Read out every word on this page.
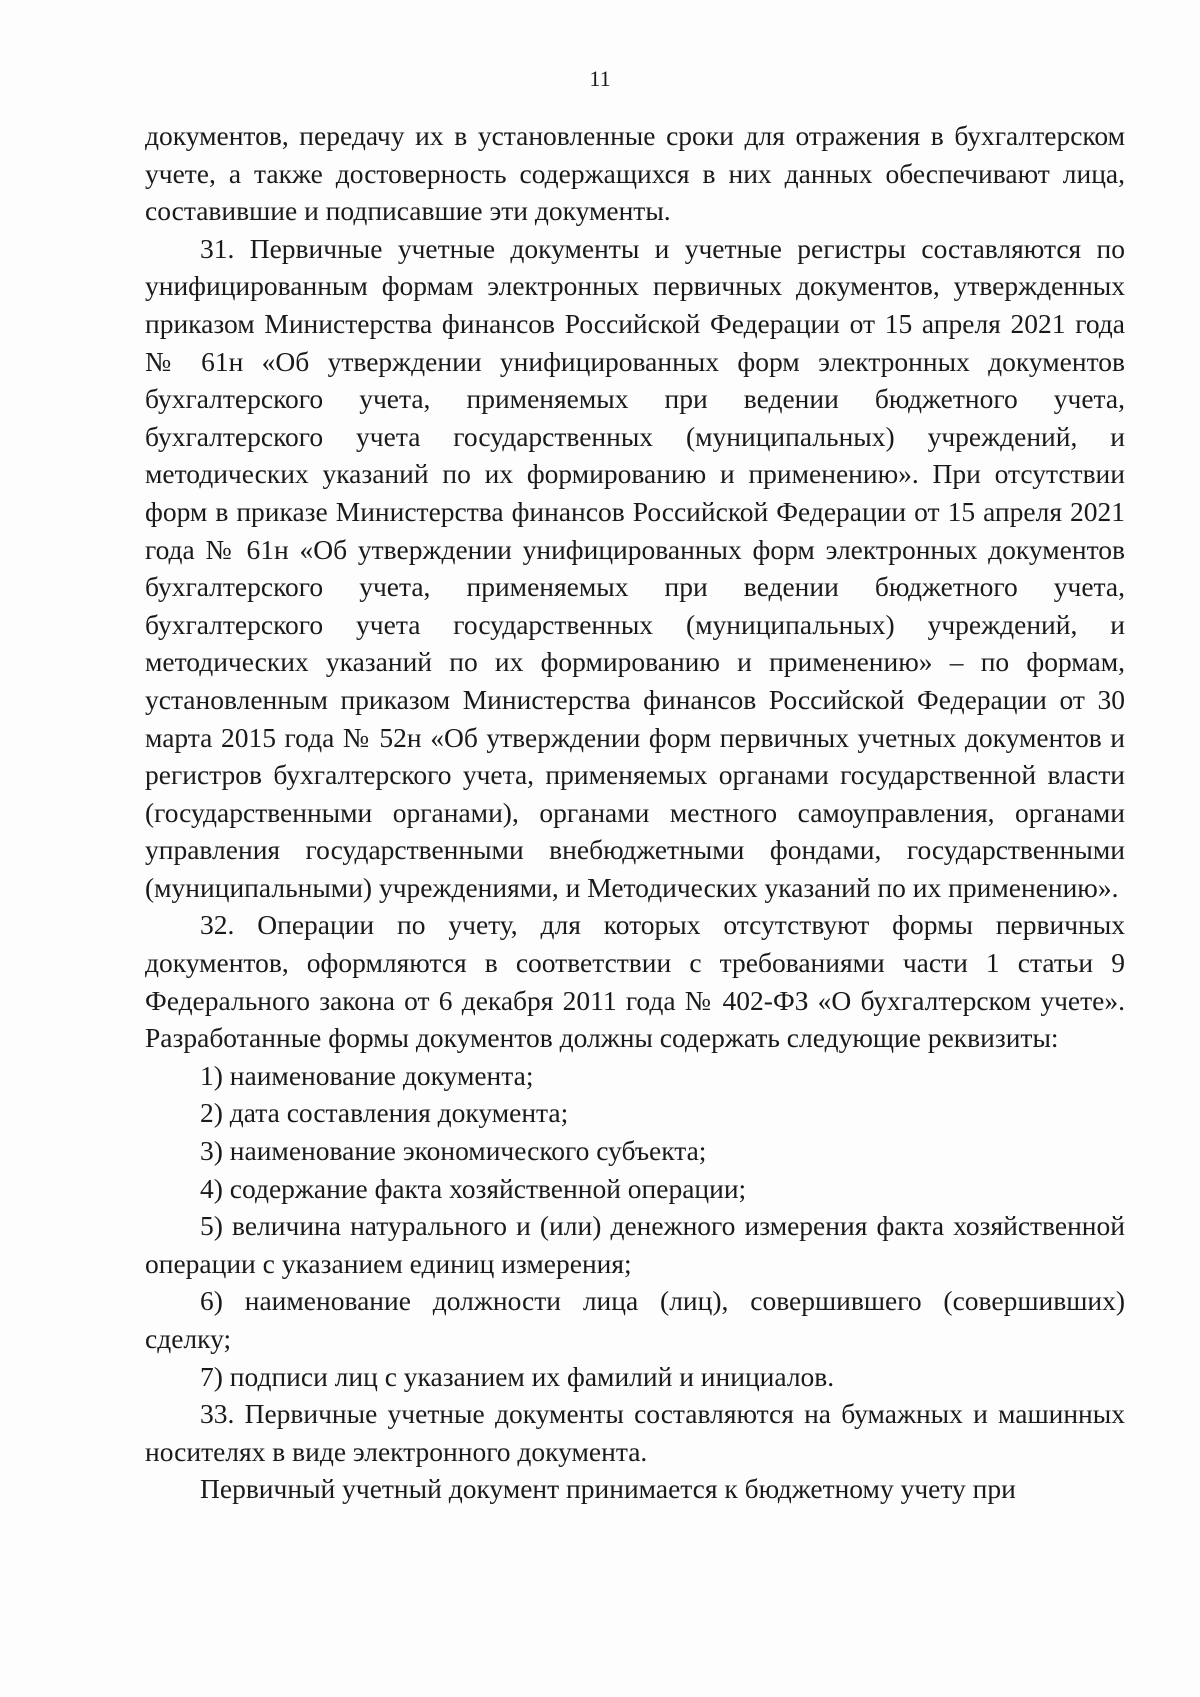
11

документов, передачу их в установленные сроки для отражения в бухгалтерском учете, а также достоверность содержащихся в них данных обеспечивают лица, составившие и подписавшие эти документы.

31. Первичные учетные документы и учетные регистры составляются по унифицированным формам электронных первичных документов, утвержденных приказом Министерства финансов Российской Федерации от 15 апреля 2021 года № 61н «Об утверждении унифицированных форм электронных документов бухгалтерского учета, применяемых при ведении бюджетного учета, бухгалтерского учета государственных (муниципальных) учреждений, и методических указаний по их формированию и применению». При отсутствии форм в приказе Министерства финансов Российской Федерации от 15 апреля 2021 года № 61н «Об утверждении унифицированных форм электронных документов бухгалтерского учета, применяемых при ведении бюджетного учета, бухгалтерского учета государственных (муниципальных) учреждений, и методических указаний по их формированию и применению» – по формам, установленным приказом Министерства финансов Российской Федерации от 30 марта 2015 года № 52н «Об утверждении форм первичных учетных документов и регистров бухгалтерского учета, применяемых органами государственной власти (государственными органами), органами местного самоуправления, органами управления государственными внебюджетными фондами, государственными (муниципальными) учреждениями, и Методических указаний по их применению».

32. Операции по учету, для которых отсутствуют формы первичных документов, оформляются в соответствии с требованиями части 1 статьи 9 Федерального закона от 6 декабря 2011 года № 402-ФЗ «О бухгалтерском учете». Разработанные формы документов должны содержать следующие реквизиты:

1) наименование документа;

2) дата составления документа;

3) наименование экономического субъекта;

4) содержание факта хозяйственной операции;

5) величина натурального и (или) денежного измерения факта хозяйственной операции с указанием единиц измерения;

6) наименование должности лица (лиц), совершившего (совершивших) сделку;

7) подписи лиц с указанием их фамилий и инициалов.

33. Первичные учетные документы составляются на бумажных и машинных носителях в виде электронного документа.

Первичный учетный документ принимается к бюджетному учету при
